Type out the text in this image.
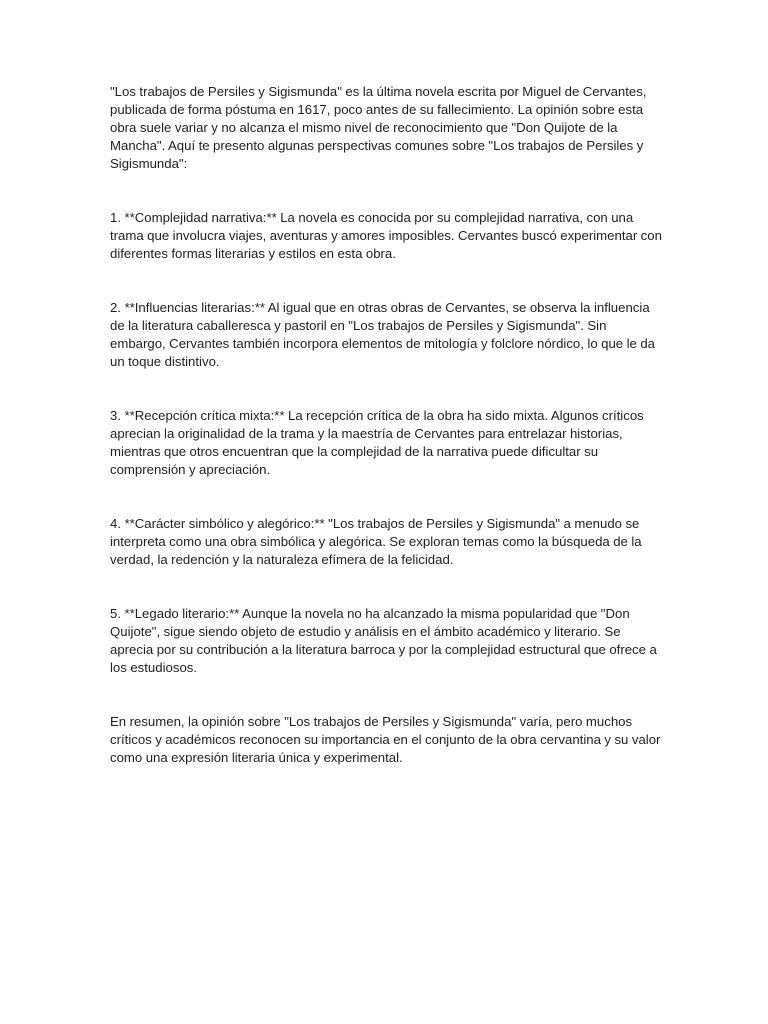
"Los trabajos de Persiles y Sigismunda" es la última novela escrita por Miguel de Cervantes, publicada de forma póstuma en 1617, poco antes de su fallecimiento. La opinión sobre esta obra suele variar y no alcanza el mismo nivel de reconocimiento que "Don Quijote de la Mancha". Aquí te presento algunas perspectivas comunes sobre "Los trabajos de Persiles y Sigismunda":

1. **Complejidad narrativa:** La novela es conocida por su complejidad narrativa, con una trama que involucra viajes, aventuras y amores imposibles. Cervantes buscó experimentar con diferentes formas literarias y estilos en esta obra.

2. **Influencias literarias:** Al igual que en otras obras de Cervantes, se observa la influencia de la literatura caballeresca y pastoril en "Los trabajos de Persiles y Sigismunda". Sin embargo, Cervantes también incorpora elementos de mitología y folclore nórdico, lo que le da un toque distintivo.

3. **Recepción crítica mixta:** La recepción crítica de la obra ha sido mixta. Algunos críticos aprecian la originalidad de la trama y la maestría de Cervantes para entrelazar historias, mientras que otros encuentran que la complejidad de la narrativa puede dificultar su comprensión y apreciación.

4. **Carácter simbólico y alegórico:** "Los trabajos de Persiles y Sigismunda" a menudo se interpreta como una obra simbólica y alegórica. Se exploran temas como la búsqueda de la verdad, la redención y la naturaleza efímera de la felicidad.

5. **Legado literario:** Aunque la novela no ha alcanzado la misma popularidad que "Don Quijote", sigue siendo objeto de estudio y análisis en el ámbito académico y literario. Se aprecia por su contribución a la literatura barroca y por la complejidad estructural que ofrece a los estudiosos.

En resumen, la opinión sobre "Los trabajos de Persiles y Sigismunda" varía, pero muchos críticos y académicos reconocen su importancia en el conjunto de la obra cervantina y su valor como una expresión literaria única y experimental.
